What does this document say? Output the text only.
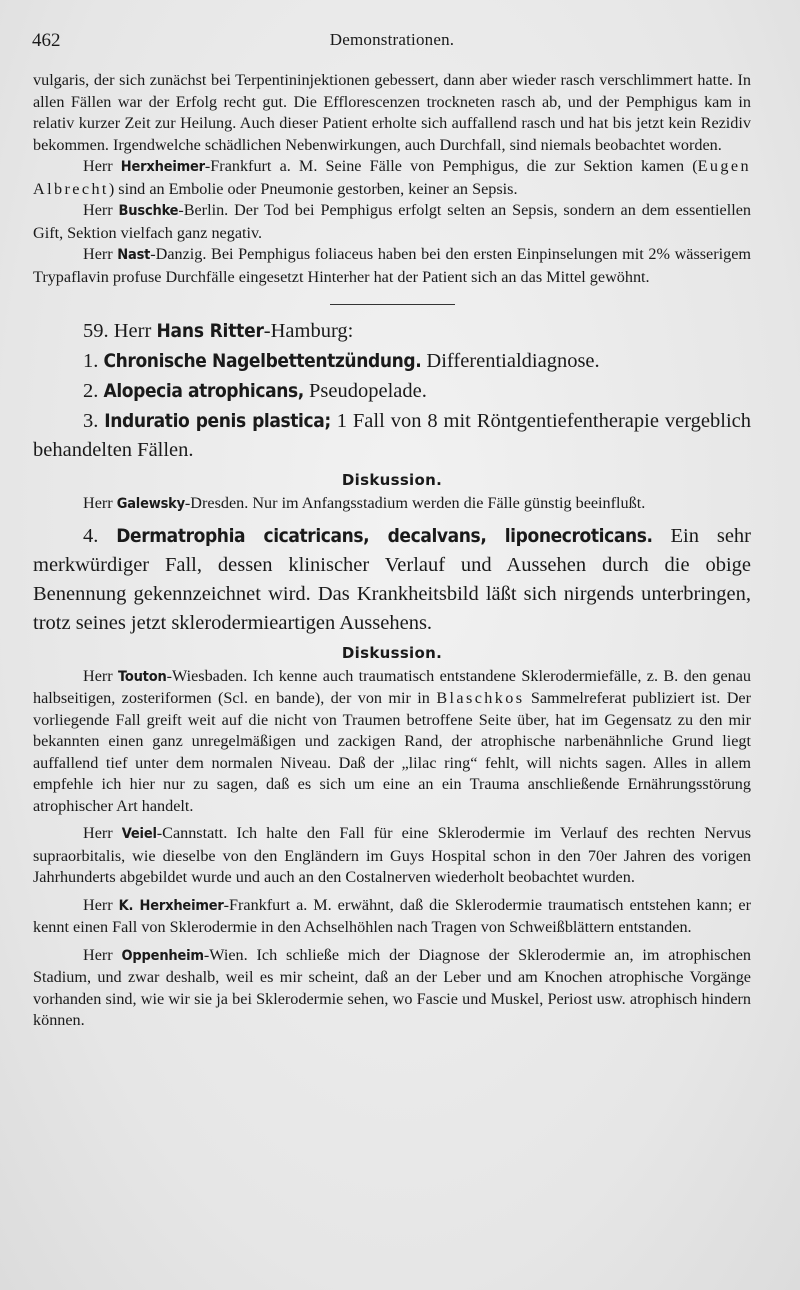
462	Demonstrationen.

vulgaris, der sich zunächst bei Terpentininjektionen gebessert, dann aber wieder rasch verschlimmert hatte. In allen Fällen war der Erfolg recht gut. Die Efflorescenzen trockneten rasch ab, und der Pemphigus kam in relativ kurzer Zeit zur Heilung. Auch dieser Patient erholte sich auffallend rasch und hat bis jetzt kein Rezidiv bekommen. Irgendwelche schädlichen Nebenwirkungen, auch Durchfall, sind niemals beobachtet worden.

Herr Herxheimer-Frankfurt a. M. Seine Fälle von Pemphigus, die zur Sektion kamen (Eugen Albrecht) sind an Embolie oder Pneumonie gestorben, keiner an Sepsis.

Herr Buschke-Berlin. Der Tod bei Pemphigus erfolgt selten an Sepsis, sondern an dem essentiellen Gift, Sektion vielfach ganz negativ.

Herr Nast-Danzig. Bei Pemphigus foliaceus haben bei den ersten Einpinselungen mit 2% wässerigem Trypaflavin profuse Durchfälle eingesetzt Hinterher hat der Patient sich an das Mittel gewöhnt.

59. Herr Hans Ritter-Hamburg:

1. Chronische Nagelbettentzündung. Differentialdiagnose.

2. Alopecia atrophicans, Pseudopelade.

3. Induratio penis plastica; 1 Fall von 8 mit Röntgentiefentherapie vergeblich behandelten Fällen.

Diskussion.

Herr Galewsky-Dresden. Nur im Anfangsstadium werden die Fälle günstig beeinflußt.

4. Dermatrophia cicatricans, decalvans, liponecroticans. Ein sehr merkwürdiger Fall, dessen klinischer Verlauf und Aussehen durch die obige Benennung gekennzeichnet wird. Das Krankheitsbild läßt sich nirgends unterbringen, trotz seines jetzt sklerodermieartigen Aussehens.

Diskussion.

Herr Touton-Wiesbaden. Ich kenne auch traumatisch entstandene Sklerodermiefälle, z. B. den genau halbseitigen, zosteriformen (Scl. en bande), der von mir in Blaschkos Sammelreferat publiziert ist. Der vorliegende Fall greift weit auf die nicht von Traumen betroffene Seite über, hat im Gegensatz zu den mir bekannten einen ganz unregelmäßigen und zackigen Rand, der atrophische narbenähnliche Grund liegt auffallend tief unter dem normalen Niveau. Daß der „lilac ring“ fehlt, will nichts sagen. Alles in allem empfehle ich hier nur zu sagen, daß es sich um eine an ein Trauma anschließende Ernährungsstörung atrophischer Art handelt.

Herr Veiel-Cannstatt. Ich halte den Fall für eine Sklerodermie im Verlauf des rechten Nervus supraorbitalis, wie dieselbe von den Engländern im Guys Hospital schon in den 70er Jahren des vorigen Jahrhunderts abgebildet wurde und auch an den Costalnerven wiederholt beobachtet wurden.

Herr K. Herxheimer-Frankfurt a. M. erwähnt, daß die Sklerodermie traumatisch entstehen kann; er kennt einen Fall von Sklerodermie in den Achselhöhlen nach Tragen von Schweißblättern entstanden.

Herr Oppenheim-Wien. Ich schließe mich der Diagnose der Sklerodermie an, im atrophischen Stadium, und zwar deshalb, weil es mir scheint, daß an der Leber und am Knochen atrophische Vorgänge vorhanden sind, wie wir sie ja bei Sklerodermie sehen, wo Fascie und Muskel, Periost usw. atrophisch hindern können.
